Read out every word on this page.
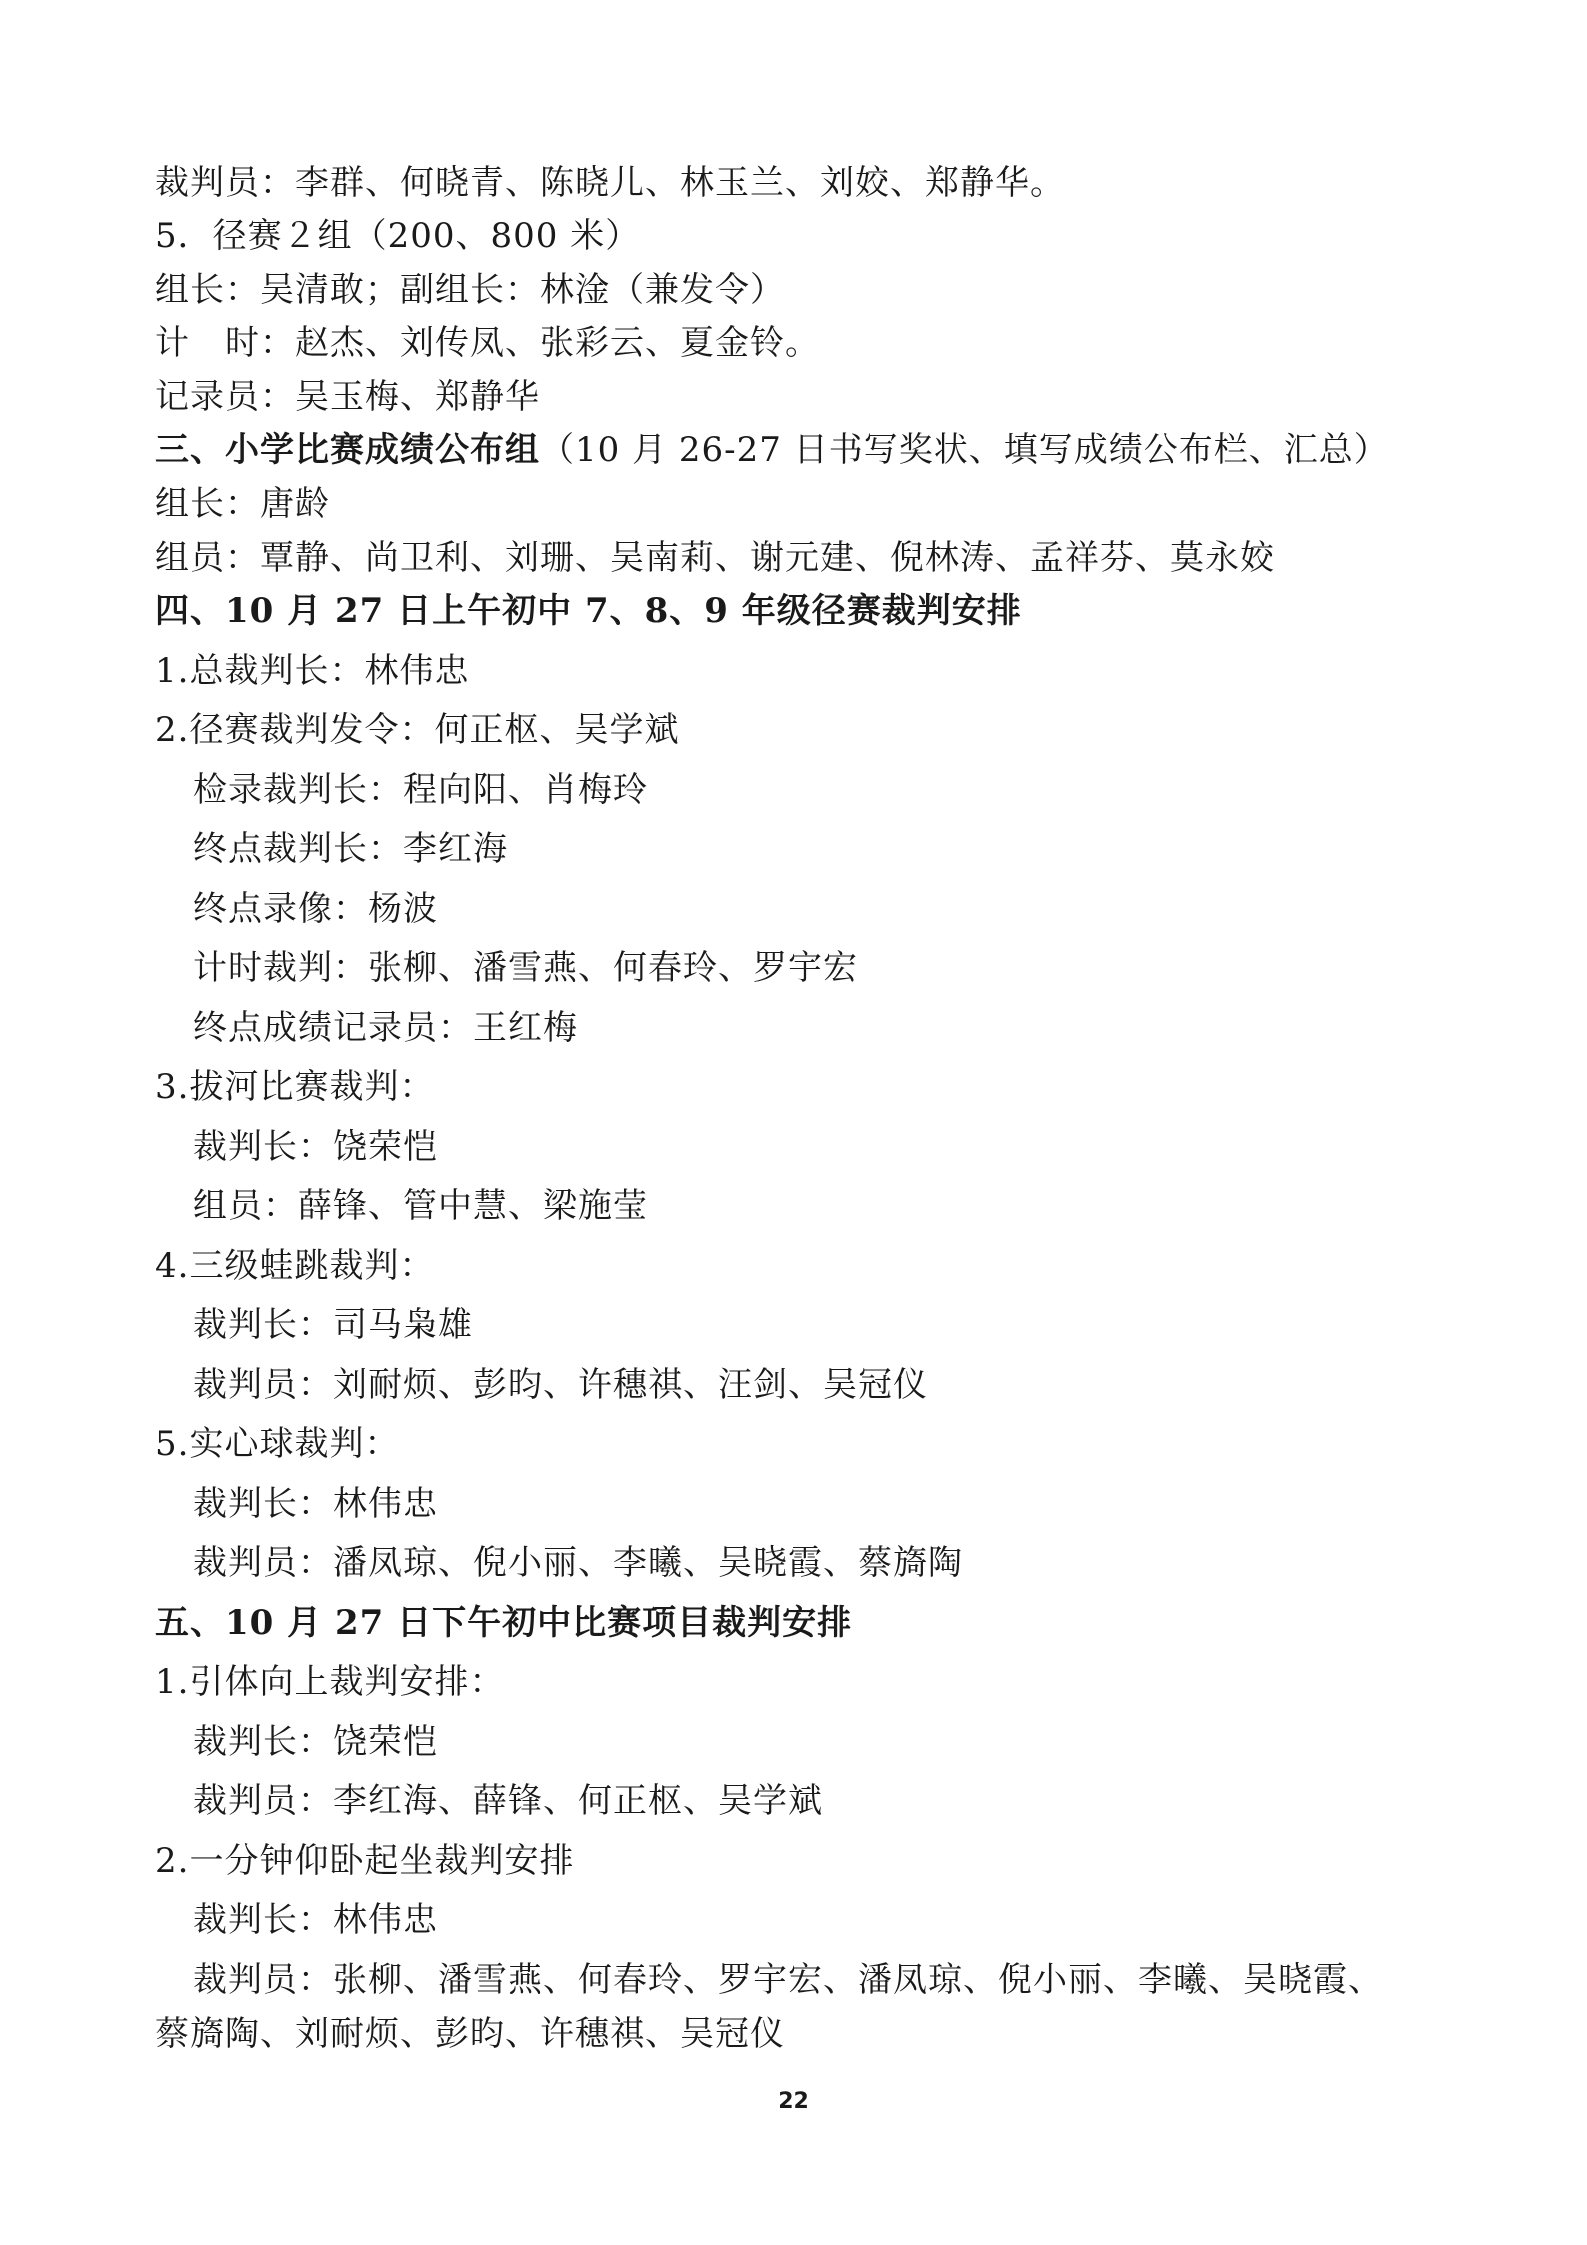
裁判员：李群、何晓青、陈晓儿、林玉兰、刘姣、郑静华。
5．径赛２组（200、800 米）
组长：吴清敢；副组长：林淦（兼发令）
计　时：赵杰、刘传凤、张彩云、夏金铃。
记录员：吴玉梅、郑静华
三、小学比赛成绩公布组（10 月 26-27 日书写奖状、填写成绩公布栏、汇总）
组长：唐龄
组员：覃静、尚卫利、刘珊、吴南莉、谢元建、倪林涛、孟祥芬、莫永姣
四、10 月 27 日上午初中 7、8、9 年级径赛裁判安排
1.总裁判长：林伟忠
2.径赛裁判发令：何正枢、吴学斌
检录裁判长：程向阳、肖梅玲
终点裁判长：李红海
终点录像：杨波
计时裁判：张柳、潘雪燕、何春玲、罗宇宏
终点成绩记录员：王红梅
3.拔河比赛裁判：
裁判长：饶荣恺
组员：薛锋、管中慧、梁施莹
4.三级蛙跳裁判：
裁判长：司马枭雄
裁判员：刘耐烦、彭昀、许穗祺、汪剑、吴冠仪
5.实心球裁判：
裁判长：林伟忠
裁判员：潘凤琼、倪小丽、李曦、吴晓霞、蔡旖陶
五、10 月 27 日下午初中比赛项目裁判安排
1.引体向上裁判安排：
裁判长：饶荣恺
裁判员：李红海、薛锋、何正枢、吴学斌
2.一分钟仰卧起坐裁判安排
裁判长：林伟忠
裁判员：张柳、潘雪燕、何春玲、罗宇宏、潘凤琼、倪小丽、李曦、吴晓霞、
蔡旖陶、刘耐烦、彭昀、许穗祺、吴冠仪
22
